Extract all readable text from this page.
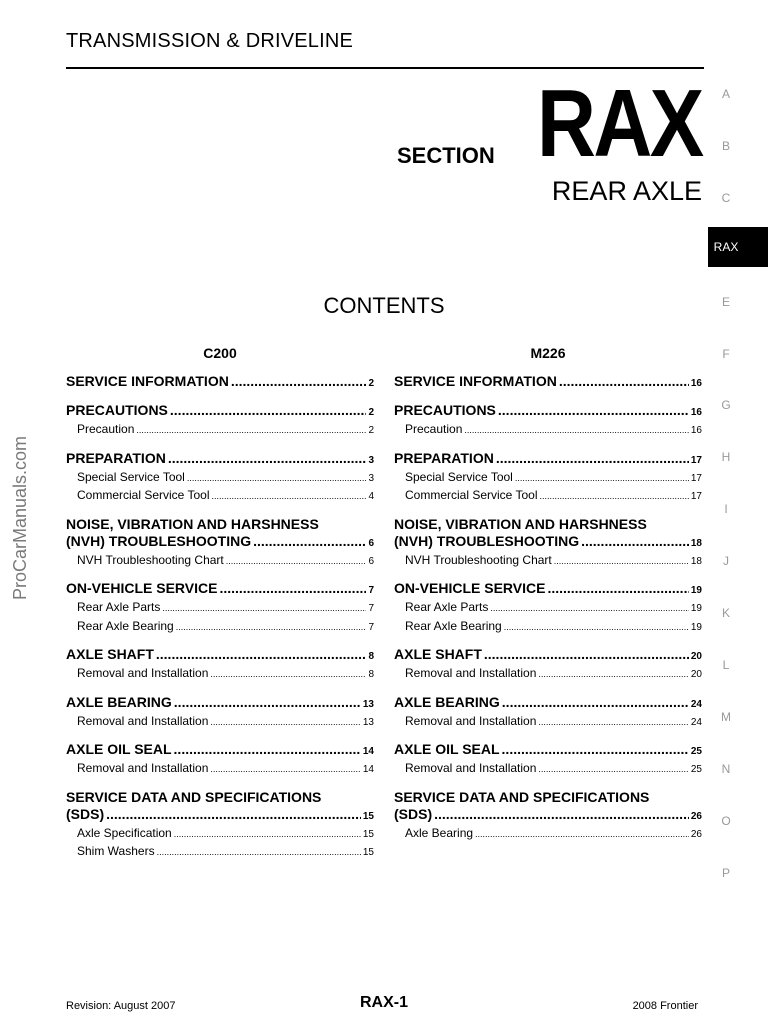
TRANSMISSION & DRIVELINE
SECTION RAX
REAR AXLE
CONTENTS
C200
SERVICE INFORMATION .....	2
PRECAUTIONS .....	2
Precaution .....	2
PREPARATION .....	3
Special Service Tool .....	3
Commercial Service Tool .....	4
NOISE, VIBRATION AND HARSHNESS
(NVH) TROUBLESHOOTING .....	6
NVH Troubleshooting Chart .....	6
ON-VEHICLE SERVICE .....	7
Rear Axle Parts .....	7
Rear Axle Bearing .....	7
AXLE SHAFT .....	8
Removal and Installation .....	8
AXLE BEARING .....	13
Removal and Installation .....	13
AXLE OIL SEAL .....	14
Removal and Installation .....	14
SERVICE DATA AND SPECIFICATIONS
(SDS) .....	15
Axle Specification .....	15
Shim Washers .....	15
M226
SERVICE INFORMATION .....	16
PRECAUTIONS .....	16
Precaution .....	16
PREPARATION .....	17
Special Service Tool .....	17
Commercial Service Tool .....	17
NOISE, VIBRATION AND HARSHNESS
(NVH) TROUBLESHOOTING .....	18
NVH Troubleshooting Chart .....	18
ON-VEHICLE SERVICE .....	19
Rear Axle Parts .....	19
Rear Axle Bearing .....	19
AXLE SHAFT .....	20
Removal and Installation .....	20
AXLE BEARING .....	24
Removal and Installation .....	24
AXLE OIL SEAL .....	25
Removal and Installation .....	25
SERVICE DATA AND SPECIFICATIONS
(SDS) .....	26
Axle Bearing .....	26
A
B
C
RAX
E
F
G
H
I
J
K
L
M
N
O
P
ProCarManuals.com
Revision: August 2007	RAX-1	2008 Frontier
